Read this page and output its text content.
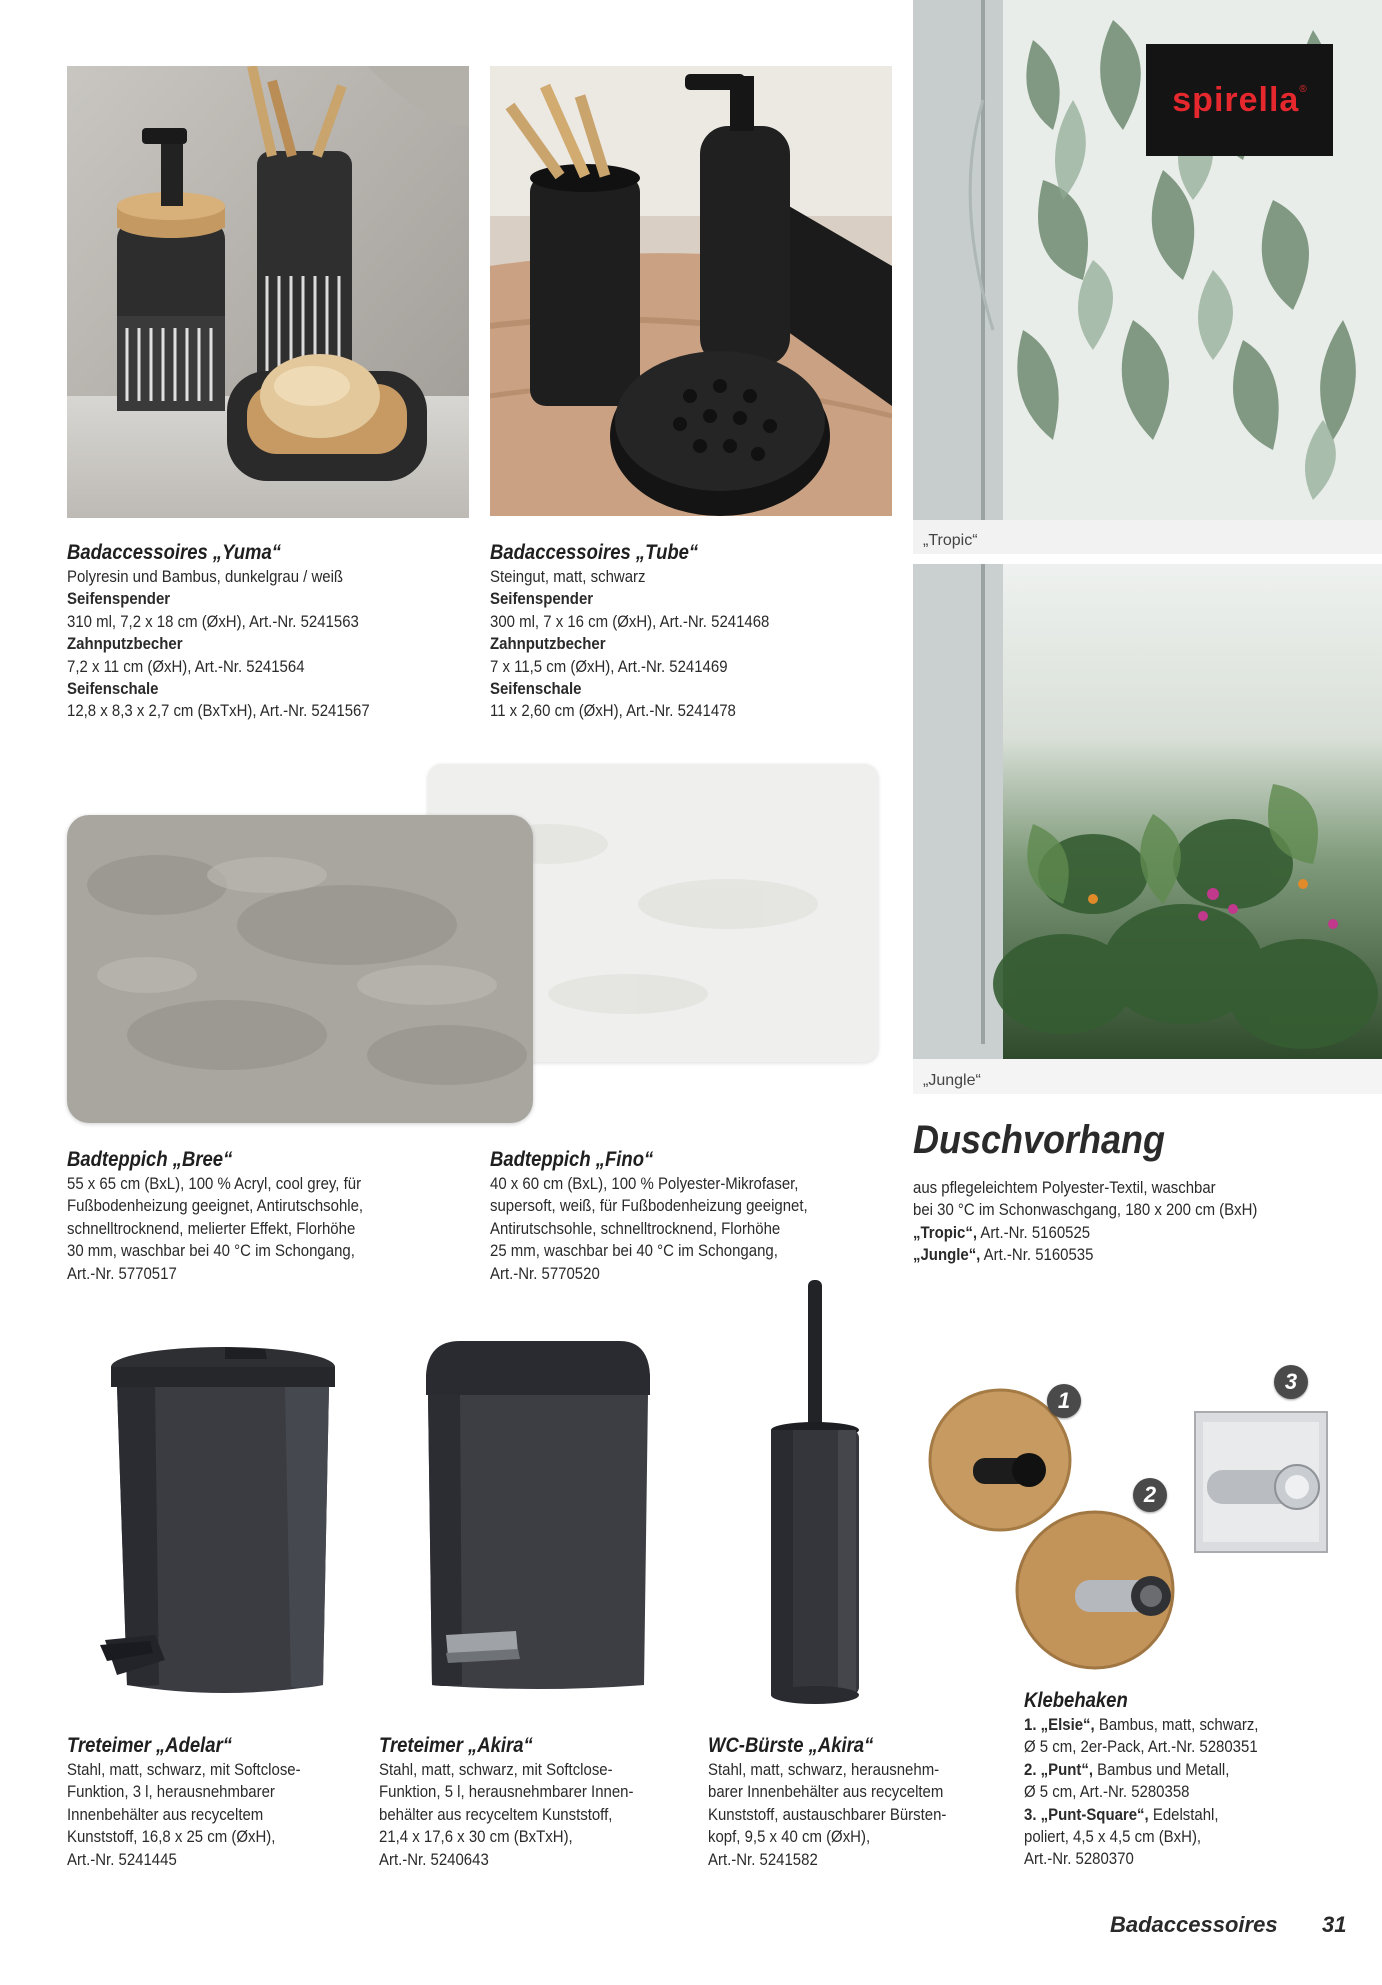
spirella ®
„Tropic“
„Jungle“
Badaccessoires „Yuma“
Polyresin und Bambus, dunkelgrau / weiß
Seifenspender
310 ml, 7,2 x 18 cm (ØxH), Art.-Nr. 5241563
Zahnputzbecher
7,2 x 11 cm (ØxH), Art.-Nr. 5241564
Seifenschale
12,8 x 8,3 x 2,7 cm (BxTxH), Art.-Nr. 5241567
Badaccessoires „Tube“
Steingut, matt, schwarz
Seifenspender
300 ml, 7 x 16 cm (ØxH), Art.-Nr. 5241468
Zahnputzbecher
7 x 11,5 cm (ØxH), Art.-Nr. 5241469
Seifenschale
11 x 2,60 cm (ØxH), Art.-Nr. 5241478
Badteppich „Bree“
55 x 65 cm (BxL), 100 % Acryl, cool grey, für
Fußbodenheizung geeignet, Antirutschsohle,
schnelltrocknend, melierter Effekt, Florhöhe
30 mm, waschbar bei 40 °C im Schongang,
Art.-Nr. 5770517
Badteppich „Fino“
40 x 60 cm (BxL), 100 % Polyester-Mikrofaser,
supersoft, weiß, für Fußbodenheizung geeignet,
Antirutschsohle, schnelltrocknend, Florhöhe
25 mm, waschbar bei 40 °C im Schongang,
Art.-Nr. 5770520
Duschvorhang
aus pflegeleichtem Polyester-Textil, waschbar
bei 30 °C im Schonwaschgang, 180 x 200 cm (BxH)
„Tropic“, Art.-Nr. 5160525
„Jungle“, Art.-Nr. 5160535
1
2
3
Treteimer „Adelar“
Stahl, matt, schwarz, mit Softclose-
Funktion, 3 l, herausnehmbarer
Innenbehälter aus recyceltem
Kunststoff, 16,8 x 25 cm (ØxH),
Art.-Nr. 5241445
Treteimer „Akira“
Stahl, matt, schwarz, mit Softclose-
Funktion, 5 l, herausnehmbarer Innen-
behälter aus recyceltem Kunststoff,
21,4 x 17,6 x 30 cm (BxTxH),
Art.-Nr. 5240643
WC-Bürste „Akira“
Stahl, matt, schwarz, herausnehm-
barer Innenbehälter aus recyceltem
Kunststoff, austauschbarer Bürsten-
kopf, 9,5 x 40 cm (ØxH),
Art.-Nr. 5241582
Klebehaken
1. „Elsie“, Bambus, matt, schwarz,
Ø 5 cm, 2er-Pack, Art.-Nr. 5280351
2. „Punt“, Bambus und Metall,
Ø 5 cm, Art.-Nr. 5280358
3. „Punt-Square“, Edelstahl,
poliert, 4,5 x 4,5 cm (BxH),
Art.-Nr. 5280370
Badaccessoires 31
